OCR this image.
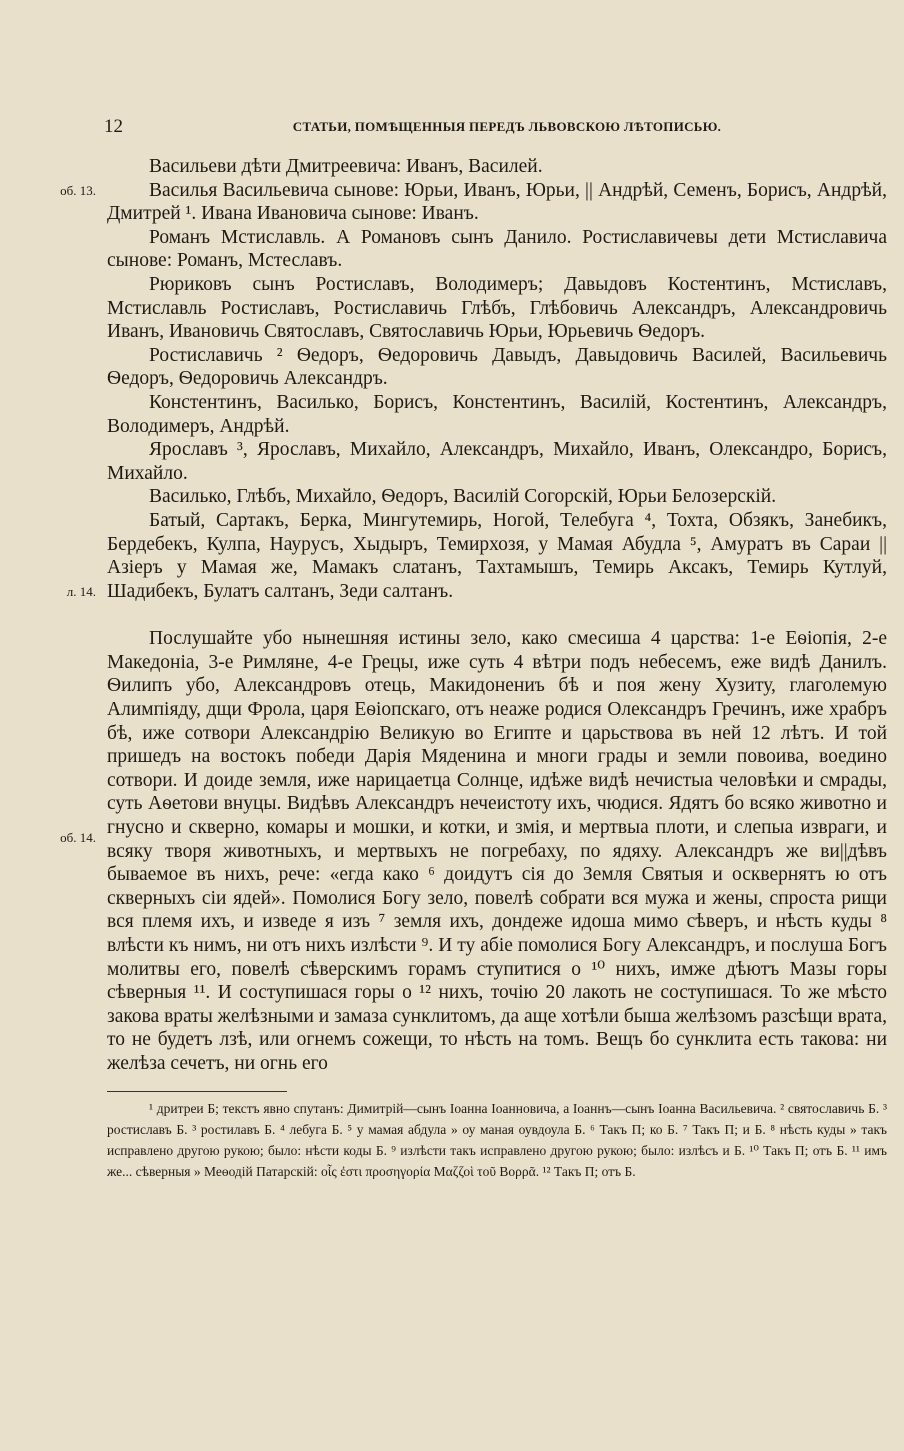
12	СТАТЬИ, ПОМѢЩЕННЫЯ ПЕРЕДЪ ЛЬВОВСКОЮ ЛѢТОПИСЬЮ.
об. 13.
л. 14.
об. 14.

Васильеви дѣти Дмитреевича: Иванъ, Василей.

Василья Васильевича сынове: Юрьи, Иванъ, Юрьи, || Андрѣй, Семенъ, Борисъ, Андрѣй, Дмитрей ¹. Ивана Ивановича сынове: Иванъ.

Романъ Мстиславль. А Романовъ сынъ Данило. Ростиславичевы дети Мстиславича сынове: Романъ, Мстеславъ.

Рюриковъ сынъ Ростиславъ, Володимеръ; Давыдовъ Костентинъ, Мстиславъ, Мстиславль Ростиславъ, Ростиславичь Глѣбъ, Глѣбовичь Александръ, Александровичь Иванъ, Ивановичь Святославъ, Святославичь Юрьи, Юрьевичь Ѳедоръ.

Ростиславичь ² Ѳедоръ, Ѳедоровичь Давыдъ, Давыдовичь Василей, Васильевичь Ѳедоръ, Ѳедоровичь Александръ.

Констентинъ, Василько, Борисъ, Констентинъ, Василій, Костентинъ, Александръ, Володимеръ, Андрѣй.

Ярославъ ³, Ярославъ, Михайло, Александръ, Михайло, Иванъ, Олександро, Борисъ, Михайло.

Василько, Глѣбъ, Михайло, Ѳедоръ, Василій Согорскій, Юрьи Белозерскій.

Батый, Сартакъ, Берка, Мингутемирь, Ногой, Телебуга ⁴, Тохта, Обзякъ, Занебикъ, Бердебекъ, Кулпа, Наурусъ, Хыдыръ, Темирхозя, у Мамая Абудла ⁵, Амуратъ въ Сараи ||Азіеръ у Мамая же, Мамакъ слатанъ, Тахтамышъ, Темирь Аксакъ, Темирь Кутлуй, Шадибекъ, Булатъ салтанъ, Зеди салтанъ.

Послушайте убо нынешняя истины зело, како смесиша 4 царства: 1-е Еѳіопія, 2-е Македоніа, 3-е Римляне, 4-е Грецы, иже суть 4 вѣтри подъ небесемъ, еже видѣ Данилъ. Ѳилипъ убо, Александровъ отець, Макидонениъ бѣ и поя жену Хузиту, глаголемую Алимпіяду, дщи Фрола, царя Еѳіопскаго, отъ неаже родися Олександръ Гречинъ, иже храбръ бѣ, иже сотвори Александрію Великую во Египте и царьствова въ ней 12 лѣтъ. И той пришедъ на востокъ победи Дарія Мяденина и многи грады и земли повоива, воедино сотвори. И доиде земля, иже нарицаетца Солнце, идѣже видѣ нечистыа человѣки и смрады, суть Аѳетови внуцы. Видѣвъ Александръ нечеистоту ихъ, чюдися. Ядятъ бо всяко животно и гнусно и скверно, комары и мошки, и котки, и змія, и мертвыа плоти, и слепыа извраги, и всяку творя животныхъ, и мертвыхъ не погребаху, по ядяху. Александръ же ви||дѣвъ бываемое въ нихъ, рече: «егда како ⁶ доидутъ сія до Земля Святыя и осквернятъ ю отъ скверныхъ сіи ядей». Помолися Богу зело, повелѣ собрати вся мужа и жены, спроста рищи вся племя ихъ, и изведе я изъ ⁷ земля ихъ, дондеже идоша мимо сѣверъ, и нѣсть куды ⁸ влѣсти къ нимъ, ни отъ нихъ излѣсти ⁹. И ту абіе помолися Богу Александръ, и послуша Богъ молитвы его, повелѣ сѣверскимъ горамъ ступитися о ¹⁰ нихъ, имже дѣютъ Мазы горы сѣверныя ¹¹. И соступишася горы о ¹² нихъ, точію 20 лакоть не соступишася. То же мѣсто закова враты желѣзными и замаза сунклитомъ, да аще хотѣли быша желѣзомъ разсѣщи врата, то не будетъ лзѣ, или огнемъ сожещи, то нѣсть на томъ. Вещъ бо сунклита есть такова: ни желѣза сечетъ, ни огнь его

¹ дритреи Б; текстъ явно спутанъ: Димитрій—сынъ Іоанна Іоанновича, а Іоаннъ—сынъ Іоанна Васильевича. ² святославичь Б. ³ ростиславъ Б. ³ ростилавъ Б. ⁴ лебуга Б. ⁵ у мамая абдула » оу маная оувдоула Б. ⁶ Такъ П; ко Б. ⁷ Такъ П; и Б. ⁸ нѣсть куды » такъ исправлено другою рукою; было: нѣсти коды Б. ⁹ излѣсти такъ исправлено другою рукою; было: излѣсъ и Б. ¹⁰ Такъ П; отъ Б. ¹¹ имъ же... сѣверныя » Меѳодій Патарскій: οἷς ἐστι προσηγορία Μαζζοὶ τοῦ Βορρᾶ. ¹² Такъ П; отъ Б.
